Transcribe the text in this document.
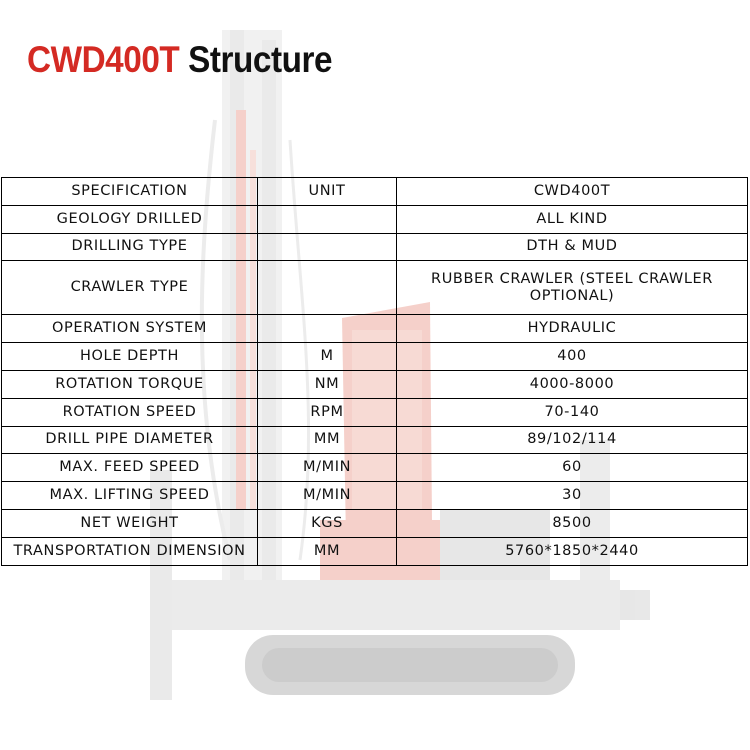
CWD400T Structure
SPECIFICATION	UNIT	CWD400T
GEOLOGY DRILLED		ALL KIND
DRILLING TYPE		DTH & MUD
CRAWLER TYPE		RUBBER CRAWLER (STEEL CRAWLER OPTIONAL)
OPERATION SYSTEM		HYDRAULIC
HOLE DEPTH	M	400
ROTATION TORQUE	NM	4000-8000
ROTATION SPEED	RPM	70-140
DRILL PIPE DIAMETER	MM	89/102/114
MAX. FEED SPEED	M/MIN	60
MAX. LIFTING SPEED	M/MIN	30
NET WEIGHT	KGS	8500
TRANSPORTATION DIMENSION	MM	5760*1850*2440
